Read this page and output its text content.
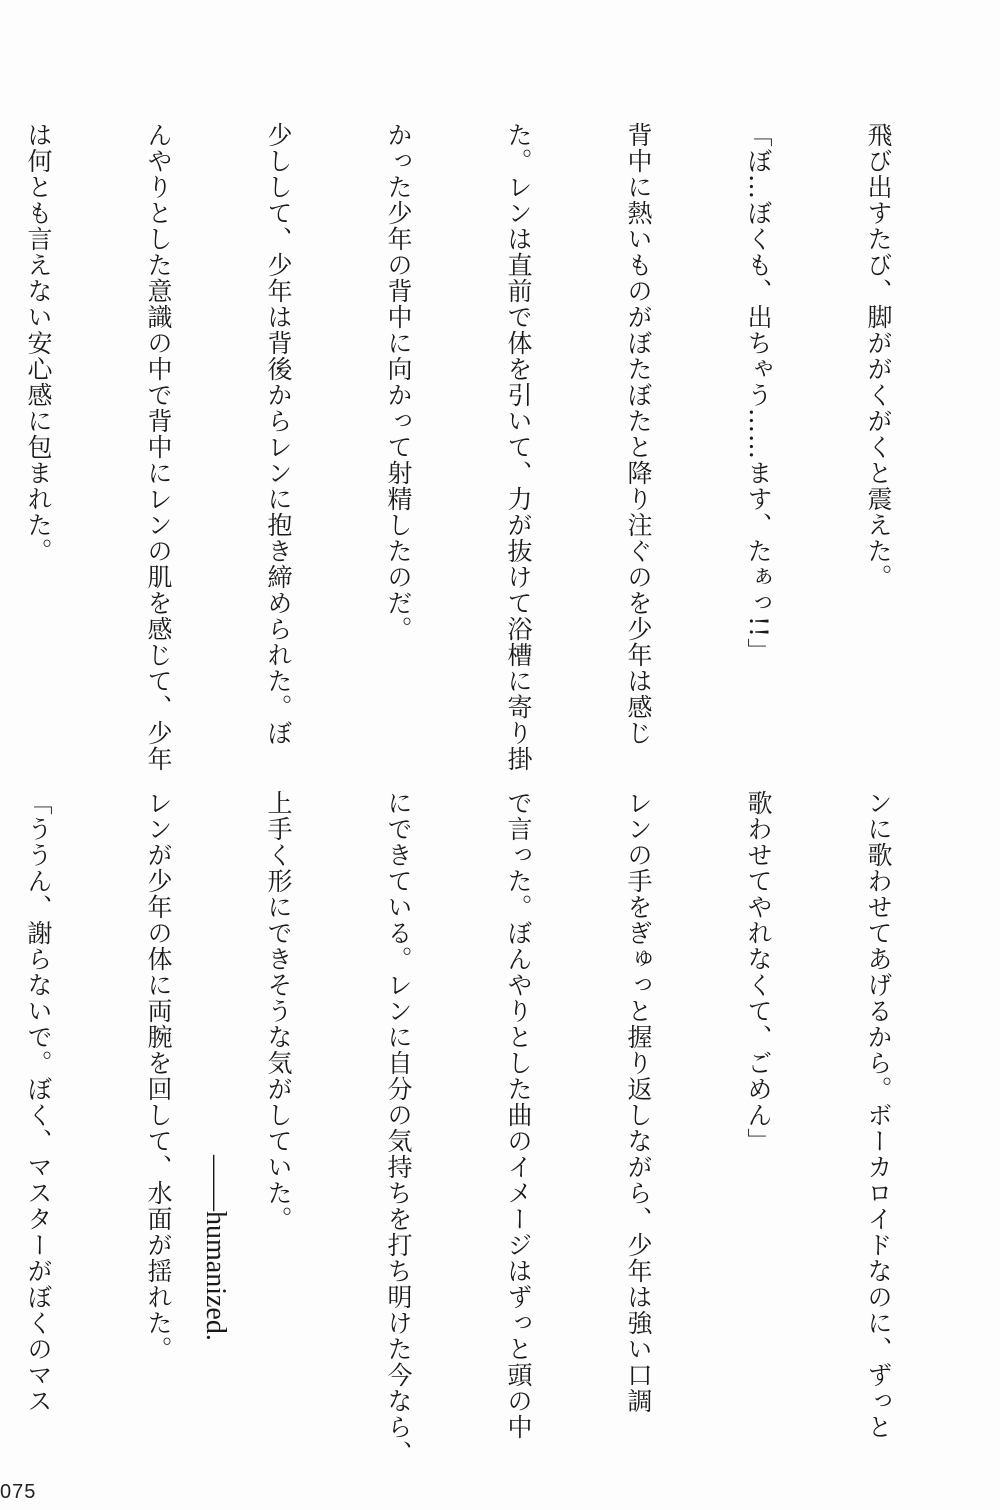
飛び出すたび、脚ががくがくと震えた。

「ぼ…ぼくも、出ちゃう……ます、たぁっ!!」

背中に熱いものがぼたぼたと降り注ぐのを少年は感じ

た。レンは直前で体を引いて、力が抜けて浴槽に寄り掛

かった少年の背中に向かって射精したのだ。

少しして、少年は背後からレンに抱き締められた。ぼ

んやりとした意識の中で背中にレンの肌を感じて、少年

は何とも言えない安心感に包まれた。

ンに歌わせてあげるから。ボーカロイドなのに、ずっと

歌わせてやれなくて、ごめん」

レンの手をぎゅっと握り返しながら、少年は強い口調

で言った。ぼんやりとした曲のイメージはずっと頭の中

にできている。レンに自分の気持ちを打ち明けた今なら、

上手く形にできそうな気がしていた。

レンが少年の体に両腕を回して、水面が揺れた。

「ううん、謝らないで。ぼく、マスターがぼくのマス

	——humanized.
075
